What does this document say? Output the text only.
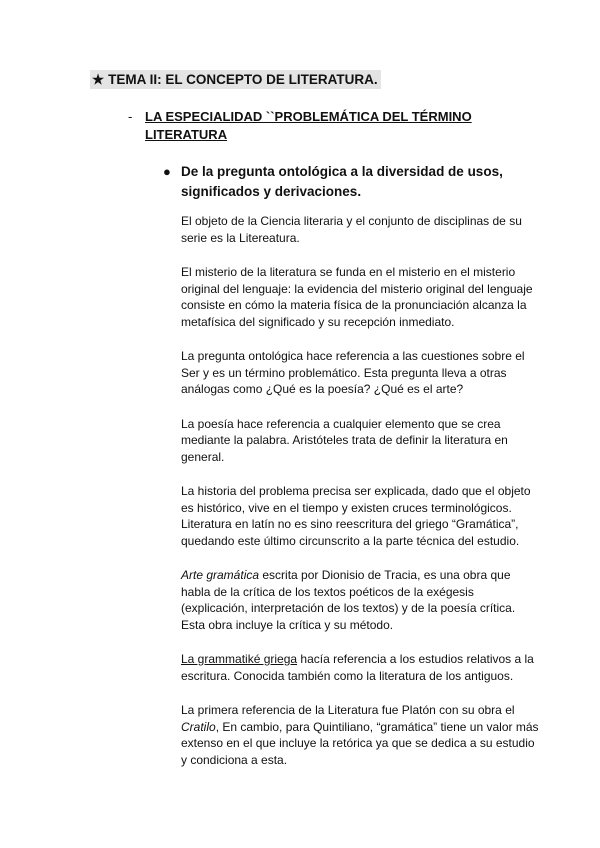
★ TEMA II: EL CONCEPTO DE LITERATURA.
- LA ESPECIALIDAD ``PROBLEMÁTICA DEL TÉRMINO LITERATURA
● De la pregunta ontológica a la diversidad de usos, significados y derivaciones.

El objeto de la Ciencia literaria y el conjunto de disciplinas de su serie es la Litereatura.

El misterio de la literatura se funda en el misterio en el misterio original del lenguaje: la evidencia del misterio original del lenguaje consiste en cómo la materia física de la pronunciación alcanza la metafísica del significado y su recepción inmediato.

La pregunta ontológica hace referencia a las cuestiones sobre el Ser y es un término problemático. Esta pregunta lleva a otras análogas como ¿Qué es la poesía? ¿Qué es el arte?

La poesía hace referencia a cualquier elemento que se crea mediante la palabra. Aristóteles trata de definir la literatura en general.

La historia del problema precisa ser explicada, dado que el objeto es histórico, vive en el tiempo y existen cruces terminológicos. Literatura en latín no es sino reescritura del griego “Gramática”, quedando este último circunscrito a la parte técnica del estudio.

Arte gramática escrita por Dionisio de Tracia, es una obra que habla de la crítica de los textos poéticos de la exégesis (explicación, interpretación de los textos) y de la poesía crítica. Esta obra incluye la crítica y su método.

La grammatiké griega hacía referencia a los estudios relativos a la escritura. Conocida también como la literatura de los antiguos.

La primera referencia de la Literatura fue Platón con su obra el Cratilo, En cambio, para Quintiliano, “gramática” tiene un valor más extenso en el que incluye la retórica ya que se dedica a su estudio y condiciona a esta.
